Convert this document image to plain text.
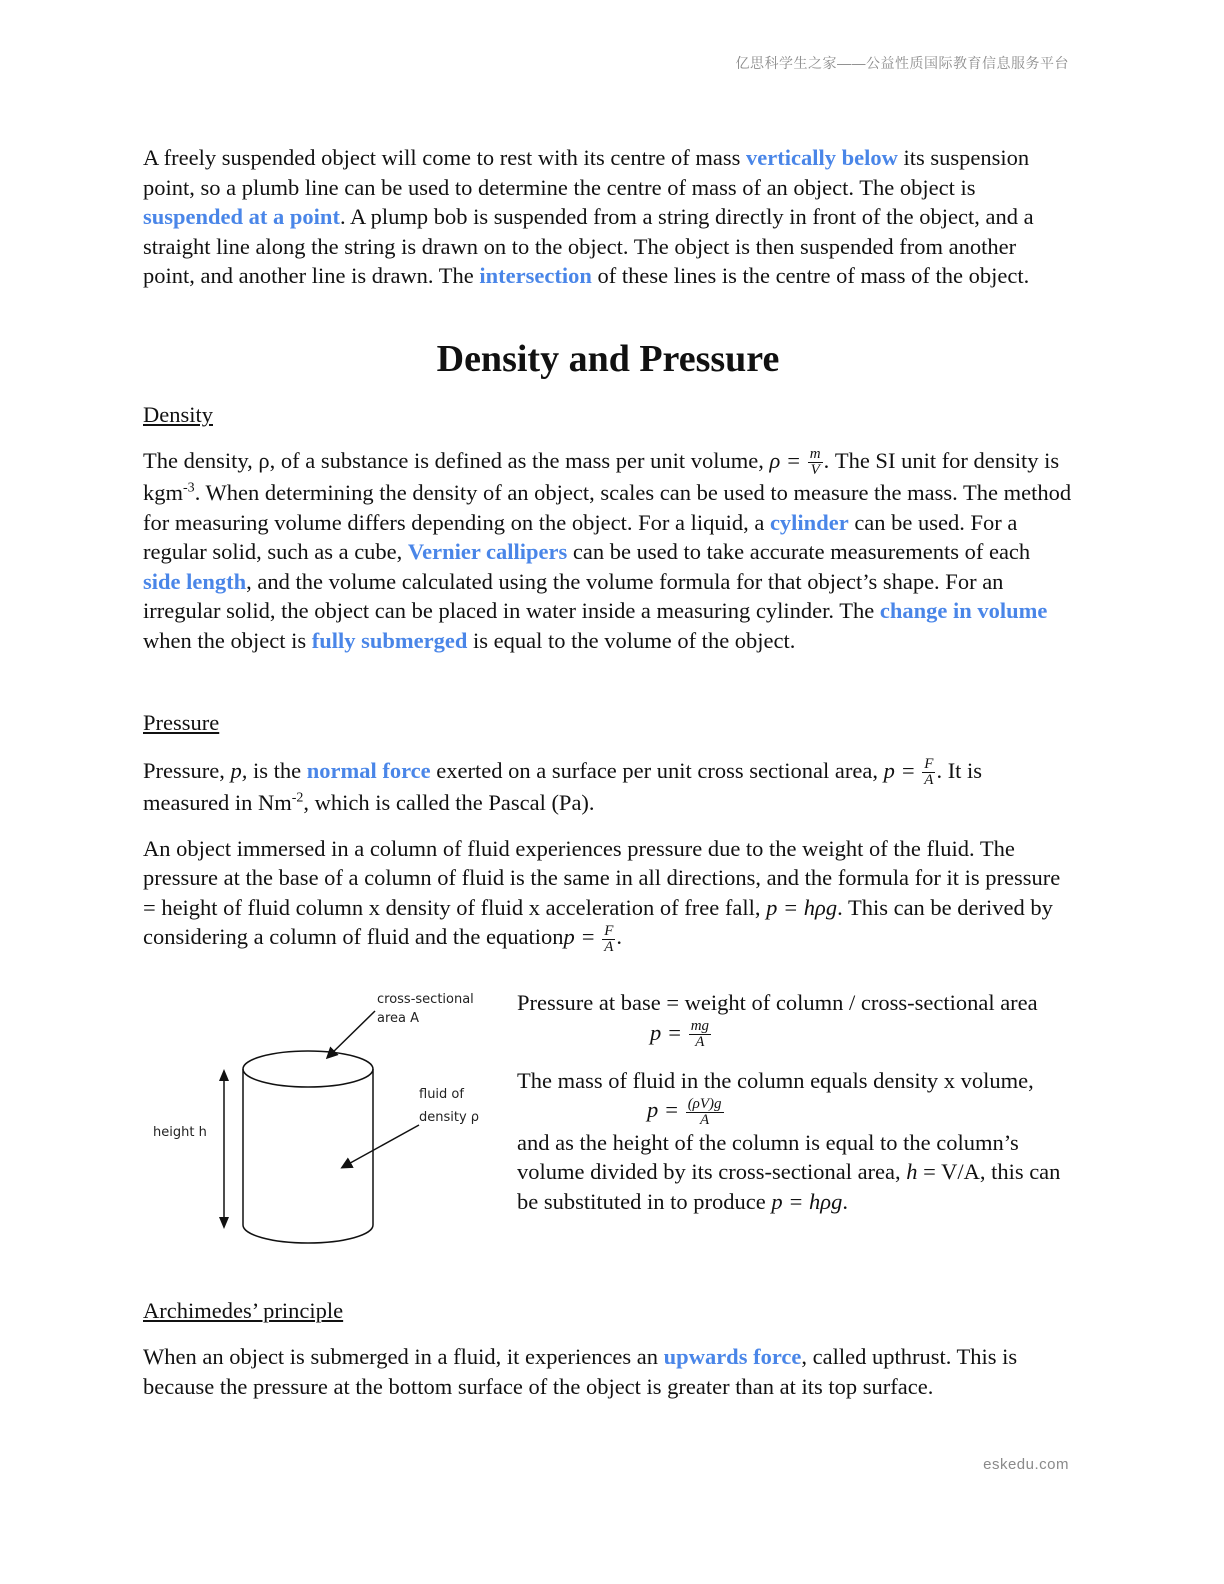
亿思科学生之家——公益性质国际教育信息服务平台

A freely suspended object will come to rest with its centre of mass vertically below its suspension point, so a plumb line can be used to determine the centre of mass of an object. The object is suspended at a point. A plump bob is suspended from a string directly in front of the object, and a straight line along the string is drawn on to the object. The object is then suspended from another point, and another line is drawn. The intersection of these lines is the centre of mass of the object.

Density and Pressure
Density

The density, ρ, of a substance is defined as the mass per unit volume, $\rho = \frac{m}{V}$ . The SI unit for density is kgm$^{-3}$. When determining the density of an object, scales can be used to measure the mass. The method for measuring volume differs depending on the object. For a liquid, a cylinder can be used. For a regular solid, such as a cube, Vernier callipers can be used to take accurate measurements of each side length, and the volume calculated using the volume formula for that object’s shape. For an irregular solid, the object can be placed in water inside a measuring cylinder. The change in volume when the object is fully submerged is equal to the volume of the object.

Pressure

Pressure, p, is the normal force exerted on a surface per unit cross sectional area, $p = \frac{F}{A}$ . It is measured in $Nm^{-2}$, which is called the Pascal (Pa).

An object immersed in a column of fluid experiences pressure due to the weight of the fluid. The pressure at the base of a column of fluid is the same in all directions, and the formula for it is pressure = height of fluid column x density of fluid x acceleration of free fall, p = hρg. This can be derived by considering a column of fluid and the equationp = $\frac{F}{A}$ .

cross-sectional
area A
fluid of
density ρ
height h

Pressure at base = weight of column / cross-sectional area

$p = \frac{mg}{A}$

The mass of fluid in the column equals density x volume,

$p = \frac{(\rho V)g}{A}$

and as the height of the column is equal to the column’s volume divided by its cross-sectional area, h = V/A, this can be substituted in to produce p = hρg.

Archimedes’ principle

When an object is submerged in a fluid, it experiences an upwards force, called upthrust. This is because the pressure at the bottom surface of the object is greater than at its top surface.

eskedu.com
